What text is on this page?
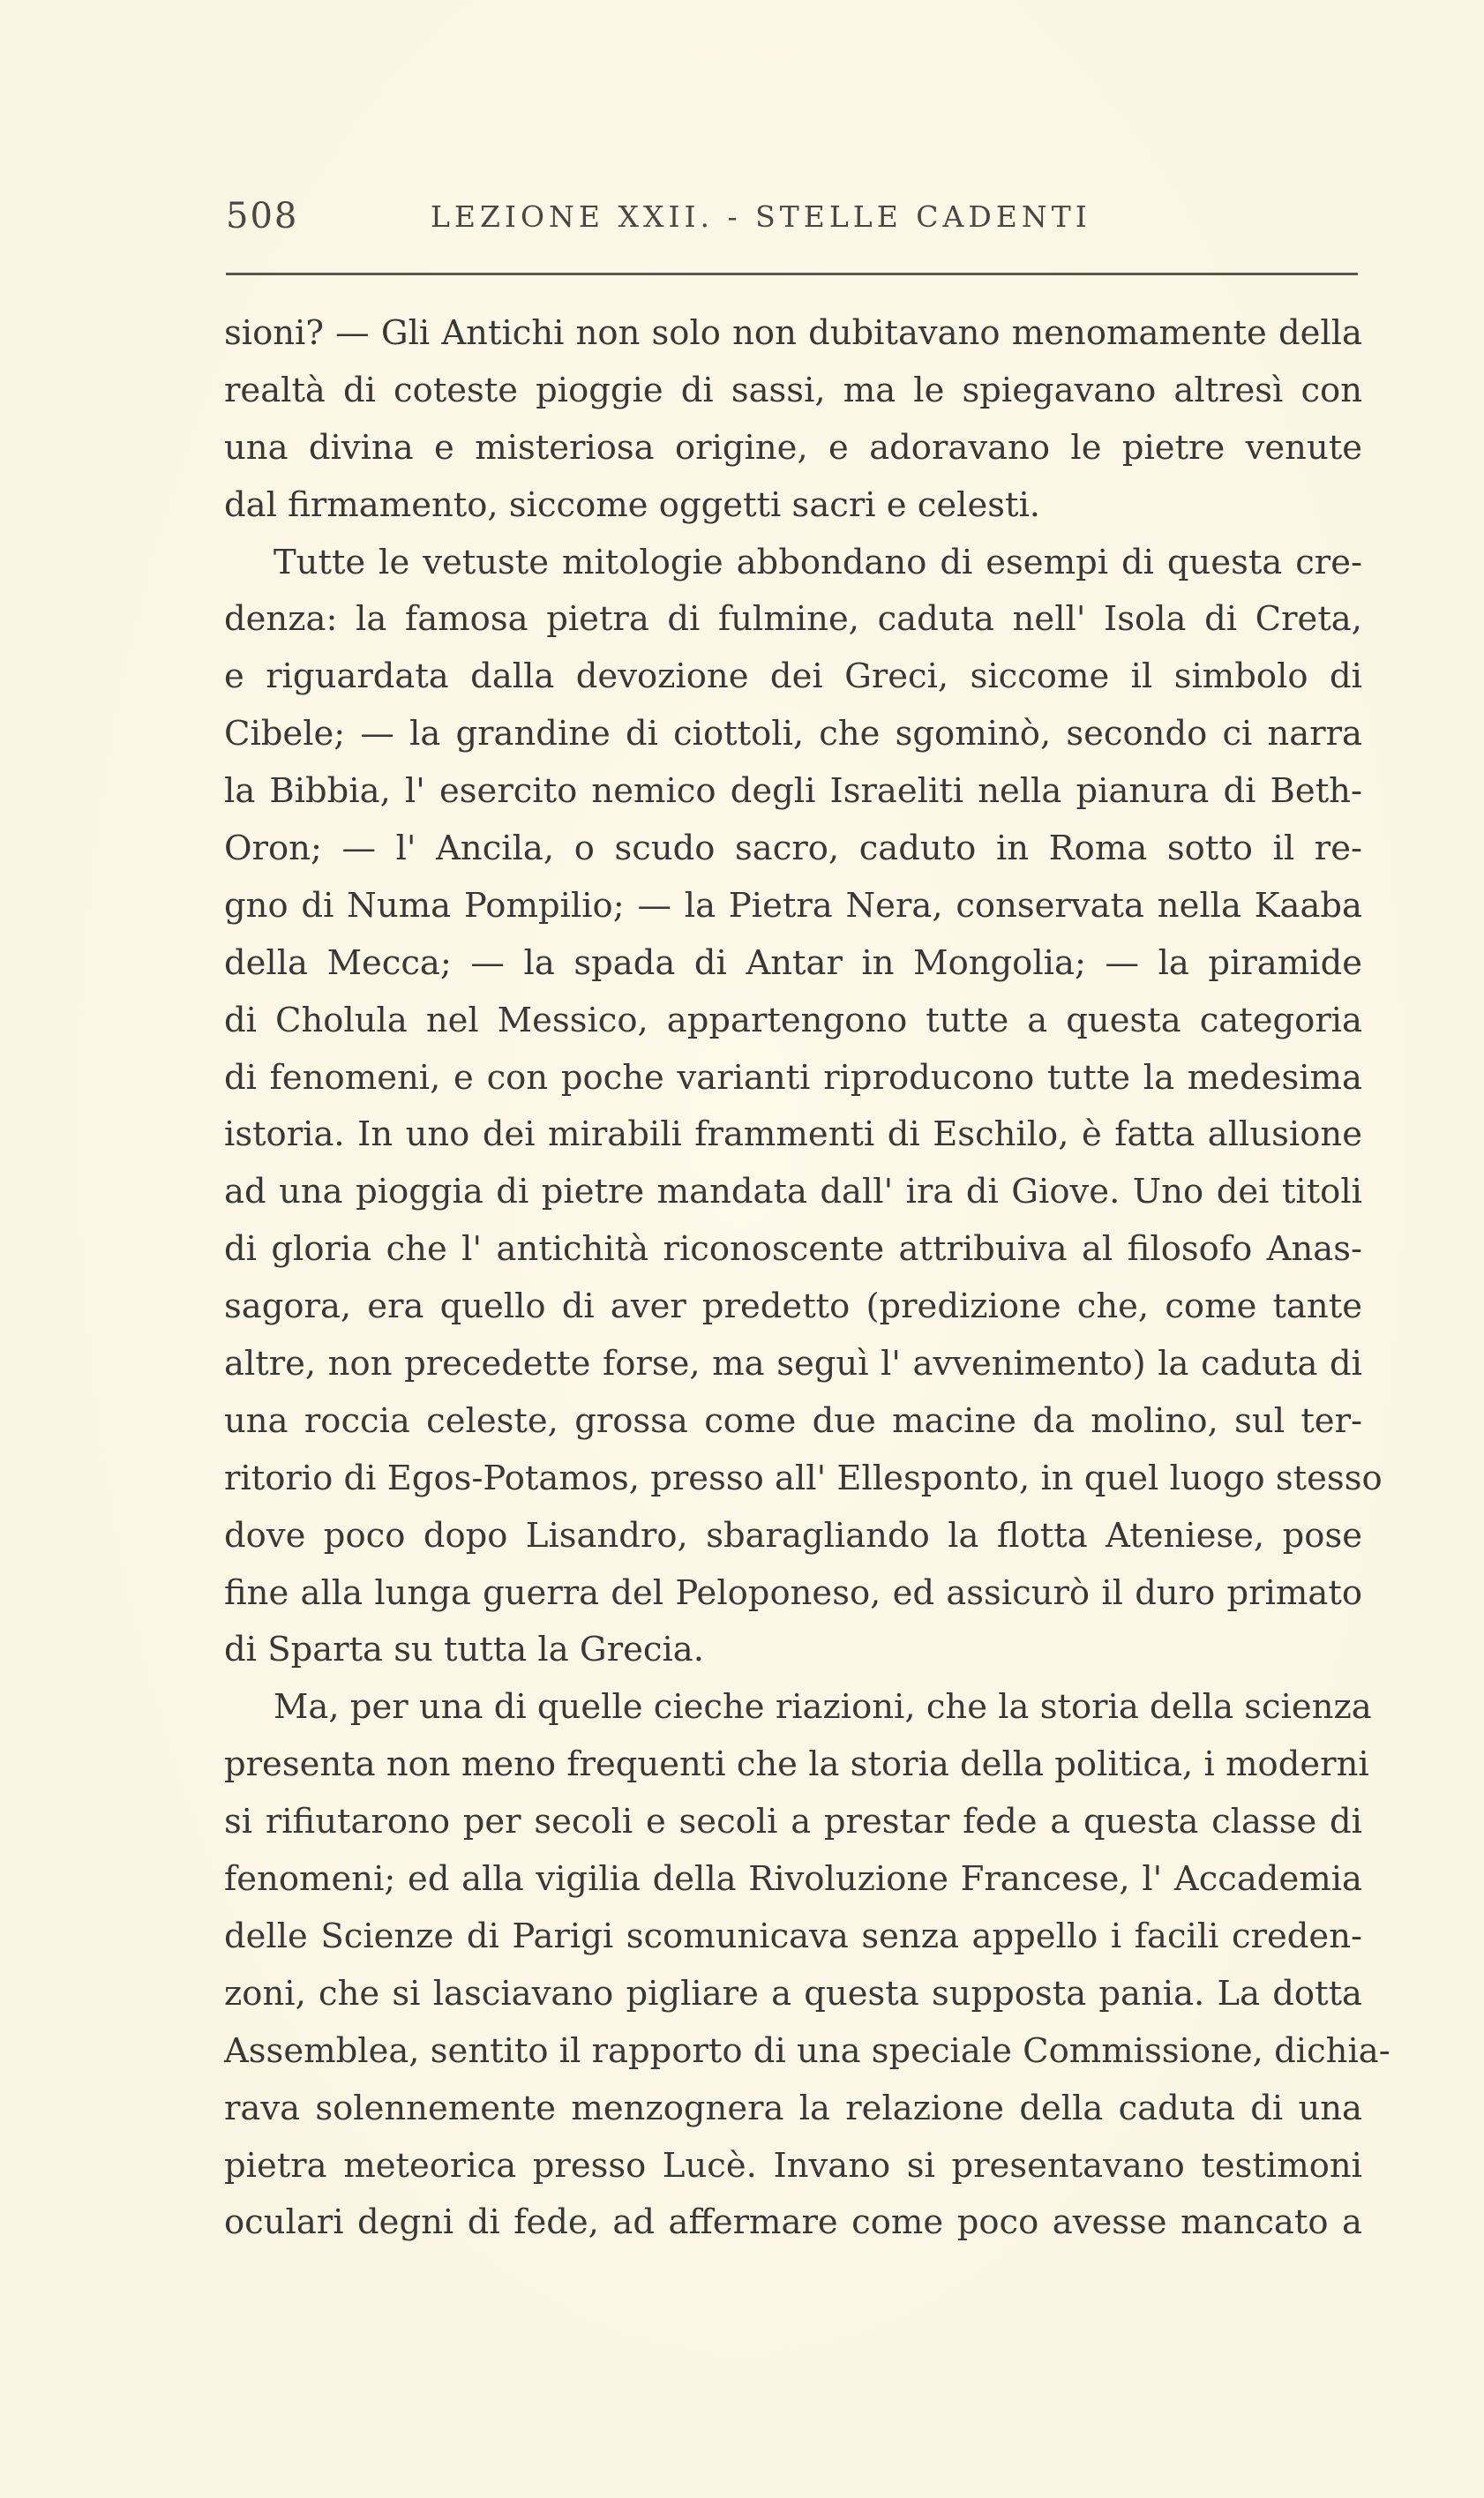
508	LEZIONE XXII. - STELLE CADENTI
sioni? — Gli Antichi non solo non dubitavano menomamente della
realtà di coteste pioggie di sassi, ma le spiegavano altresì con
una divina e misteriosa origine, e adoravano le pietre venute
dal firmamento, siccome oggetti sacri e celesti.
Tutte le vetuste mitologie abbondano di esempi di questa cre-
denza: la famosa pietra di fulmine, caduta nell' Isola di Creta,
e riguardata dalla devozione dei Greci, siccome il simbolo di
Cibele; — la grandine di ciottoli, che sgominò, secondo ci narra
la Bibbia, l' esercito nemico degli Israeliti nella pianura di Beth-
Oron; — l' Ancila, o scudo sacro, caduto in Roma sotto il re-
gno di Numa Pompilio; — la Pietra Nera, conservata nella Kaaba
della Mecca; — la spada di Antar in Mongolia; — la piramide
di Cholula nel Messico, appartengono tutte a questa categoria
di fenomeni, e con poche varianti riproducono tutte la medesima
istoria. In uno dei mirabili frammenti di Eschilo, è fatta allusione
ad una pioggia di pietre mandata dall' ira di Giove. Uno dei titoli
di gloria che l' antichità riconoscente attribuiva al filosofo Anas-
sagora, era quello di aver predetto (predizione che, come tante
altre, non precedette forse, ma seguì l' avvenimento) la caduta di
una roccia celeste, grossa come due macine da molino, sul ter-
ritorio di Egos-Potamos, presso all' Ellesponto, in quel luogo stesso
dove poco dopo Lisandro, sbaragliando la flotta Ateniese, pose
fine alla lunga guerra del Peloponeso, ed assicurò il duro primato
di Sparta su tutta la Grecia.
Ma, per una di quelle cieche riazioni, che la storia della scienza
presenta non meno frequenti che la storia della politica, i moderni
si rifiutarono per secoli e secoli a prestar fede a questa classe di
fenomeni; ed alla vigilia della Rivoluzione Francese, l' Accademia
delle Scienze di Parigi scomunicava senza appello i facili creden-
zoni, che si lasciavano pigliare a questa supposta pania. La dotta
Assemblea, sentito il rapporto di una speciale Commissione, dichia-
rava solennemente menzognera la relazione della caduta di una
pietra meteorica presso Lucè. Invano si presentavano testimoni
oculari degni di fede, ad affermare come poco avesse mancato a
